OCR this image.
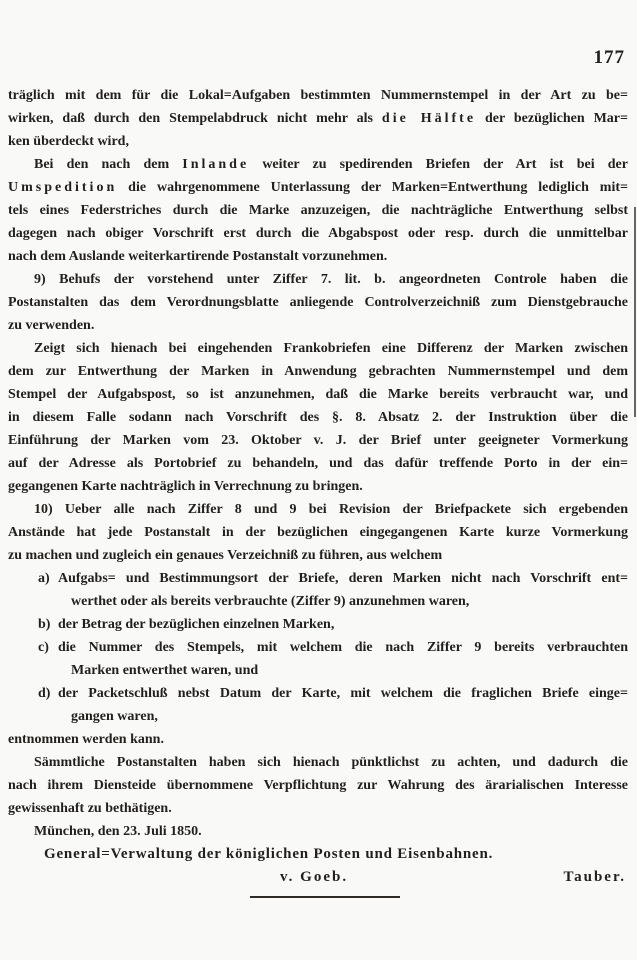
177
träglich mit dem für die Lokal=Aufgaben bestimmten Nummernstempel in der Art zu be=
wirken, daß durch den Stempelabdruck nicht mehr als die Hälfte der bezüglichen Mar=
ken überdeckt wird,
Bei den nach dem Inlande weiter zu spedirenden Briefen der Art ist bei der
Umspedition die wahrgenommene Unterlassung der Marken=Entwerthung lediglich mit=
tels eines Federstriches durch die Marke anzuzeigen, die nachträgliche Entwerthung selbst
dagegen nach obiger Vorschrift erst durch die Abgabspost oder resp. durch die unmittelbar
nach dem Auslande weiterkartirende Postanstalt vorzunehmen.
9) Behufs der vorstehend unter Ziffer 7. lit. b. angeordneten Controle haben die
Postanstalten das dem Verordnungsblatte anliegende Controlverzeichniß zum Dienstgebrauche
zu verwenden.
Zeigt sich hienach bei eingehenden Frankobriefen eine Differenz der Marken zwischen
dem zur Entwerthung der Marken in Anwendung gebrachten Nummernstempel und dem
Stempel der Aufgabspost, so ist anzunehmen, daß die Marke bereits verbraucht war, und
in diesem Falle sodann nach Vorschrift des §. 8. Absatz 2. der Instruktion über die
Einführung der Marken vom 23. Oktober v. J. der Brief unter geeigneter Vormerkung
auf der Adresse als Portobrief zu behandeln, und das dafür treffende Porto in der ein=
gegangenen Karte nachträglich in Verrechnung zu bringen.
10) Ueber alle nach Ziffer 8 und 9 bei Revision der Briefpackete sich ergebenden
Anstände hat jede Postanstalt in der bezüglichen eingegangenen Karte kurze Vormerkung
zu machen und zugleich ein genaues Verzeichniß zu führen, aus welchem
a) Aufgabs= und Bestimmungsort der Briefe, deren Marken nicht nach Vorschrift ent=
werthet oder als bereits verbrauchte (Ziffer 9) anzunehmen waren,
b) der Betrag der bezüglichen einzelnen Marken,
c) die Nummer des Stempels, mit welchem die nach Ziffer 9 bereits verbrauchten
Marken entwerthet waren, und
d) der Packetschluß nebst Datum der Karte, mit welchem die fraglichen Briefe einge=
gangen waren,
entnommen werden kann.
Sämmtliche Postanstalten haben sich hienach pünktlichst zu achten, und dadurch die
nach ihrem Diensteide übernommene Verpflichtung zur Wahrung des ärarialischen Interesse
gewissenhaft zu bethätigen.
München, den 23. Juli 1850.
General=Verwaltung der königlichen Posten und Eisenbahnen.
v. Goeb.	Tauber.
